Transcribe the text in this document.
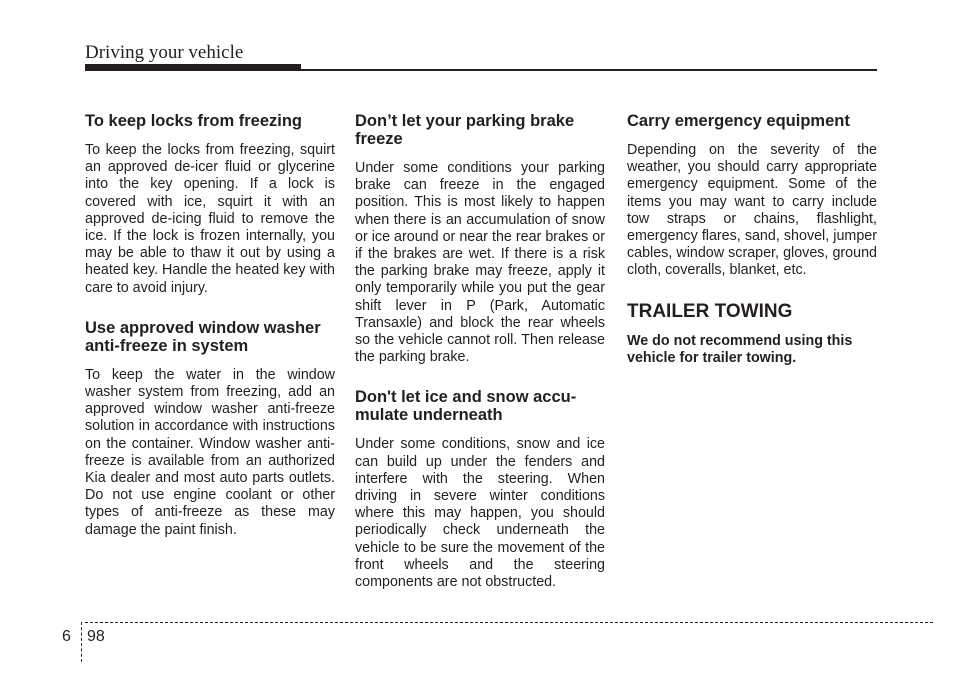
Driving your vehicle
To keep locks from freezing

To keep the locks from freezing, squirt an approved de-icer fluid or glycerine into the key opening. If a lock is covered with ice, squirt it with an approved de-icing fluid to remove the ice. If the lock is frozen internally, you may be able to thaw it out by using a heated key. Handle the heated key with care to avoid injury.

Use approved window washer anti-freeze in system

To keep the water in the window washer system from freezing, add an approved window washer anti-freeze solution in accordance with instructions on the container. Window washer anti-freeze is available from an authorized Kia dealer and most auto parts outlets. Do not use engine coolant or other types of anti-freeze as these may damage the paint finish.

Don’t let your parking brake freeze

Under some conditions your parking brake can freeze in the engaged position. This is most likely to happen when there is an accumulation of snow or ice around or near the rear brakes or if the brakes are wet. If there is a risk the parking brake may freeze, apply it only temporarily while you put the gear shift lever in P (Park, Automatic Transaxle) and block the rear wheels so the vehicle cannot roll. Then release the parking brake.

Don't let ice and snow accumulate underneath

Under some conditions, snow and ice can build up under the fenders and interfere with the steering. When driving in severe winter conditions where this may happen, you should periodically check underneath the vehicle to be sure the movement of the front wheels and the steering components are not obstructed.

Carry emergency equipment

Depending on the severity of the weather, you should carry appropriate emergency equipment. Some of the items you may want to carry include tow straps or chains, flashlight, emergency flares, sand, shovel, jumper cables, window scraper, gloves, ground cloth, coveralls, blanket, etc.

TRAILER TOWING

We do not recommend using this vehicle for trailer towing.

6 98
